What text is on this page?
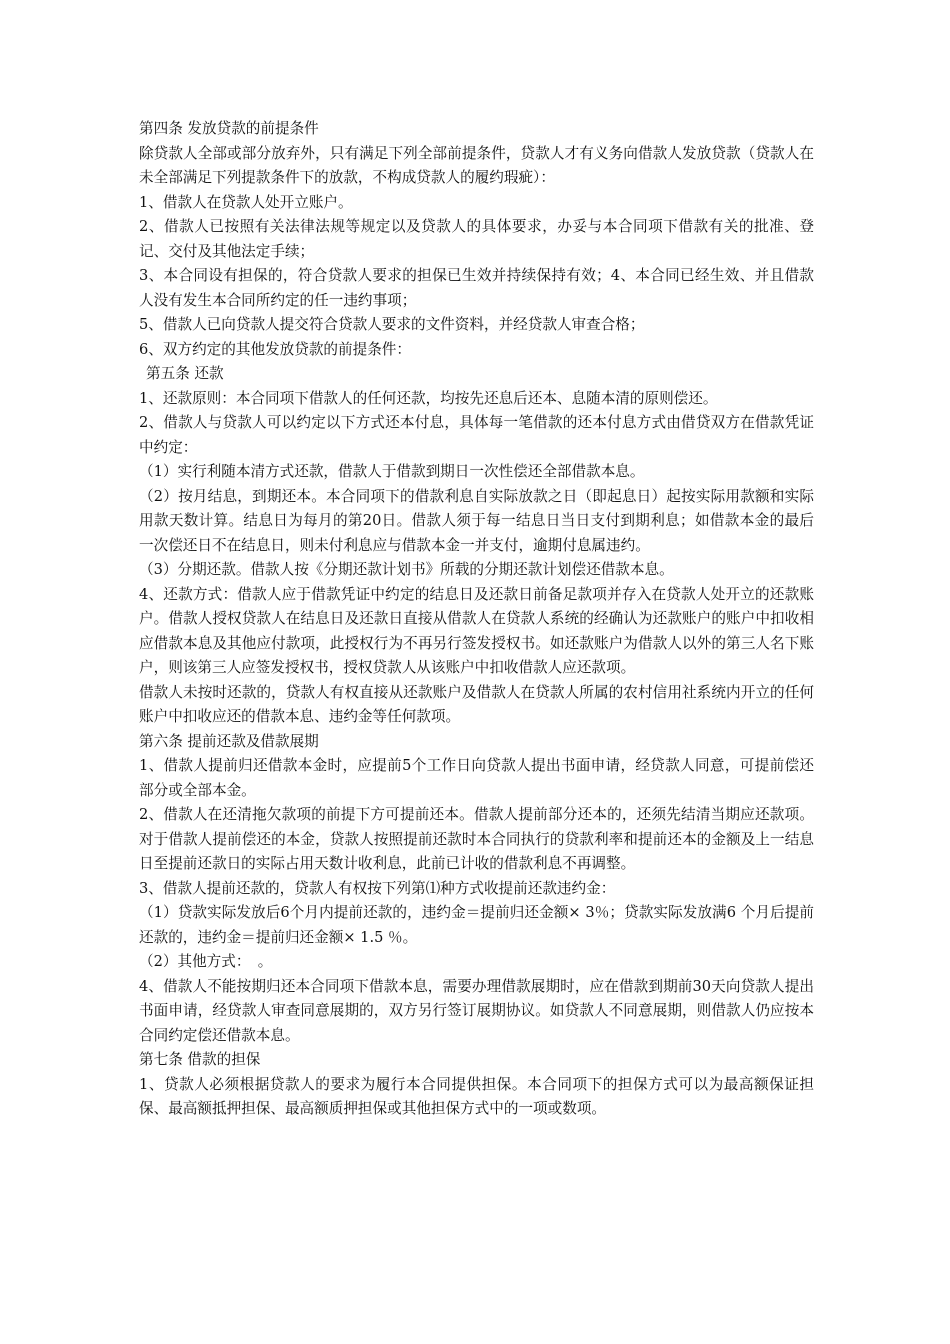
第四条 发放贷款的前提条件

除贷款人全部或部分放弃外，只有满足下列全部前提条件，贷款人才有义务向借款人发放贷款（贷款人在未全部满足下列提款条件下的放款，不构成贷款人的履约瑕疵）：

1、借款人在贷款人处开立账户。

2、借款人已按照有关法律法规等规定以及贷款人的具体要求，办妥与本合同项下借款有关的批准、登记、交付及其他法定手续；

3、本合同设有担保的，符合贷款人要求的担保已生效并持续保持有效；4、本合同已经生效、并且借款人没有发生本合同所约定的任一违约事项；

5、借款人已向贷款人提交符合贷款人要求的文件资料，并经贷款人审查合格；

6、双方约定的其他发放贷款的前提条件：

第五条 还款

1、还款原则：本合同项下借款人的任何还款，均按先还息后还本、息随本清的原则偿还。

2、借款人与贷款人可以约定以下方式还本付息，具体每一笔借款的还本付息方式由借贷双方在借款凭证中约定：

（1）实行利随本清方式还款，借款人于借款到期日一次性偿还全部借款本息。

（2）按月结息，到期还本。本合同项下的借款利息自实际放款之日（即起息日）起按实际用款额和实际用款天数计算。结息日为每月的第20日。借款人须于每一结息日当日支付到期利息；如借款本金的最后一次偿还日不在结息日，则未付利息应与借款本金一并支付，逾期付息属违约。

（3）分期还款。借款人按《分期还款计划书》所载的分期还款计划偿还借款本息。

4、还款方式：借款人应于借款凭证中约定的结息日及还款日前备足款项并存入在贷款人处开立的还款账户。借款人授权贷款人在结息日及还款日直接从借款人在贷款人系统的经确认为还款账户的账户中扣收相应借款本息及其他应付款项，此授权行为不再另行签发授权书。如还款账户为借款人以外的第三人名下账户，则该第三人应签发授权书，授权贷款人从该账户中扣收借款人应还款项。

借款人未按时还款的，贷款人有权直接从还款账户及借款人在贷款人所属的农村信用社系统内开立的任何账户中扣收应还的借款本息、违约金等任何款项。

第六条 提前还款及借款展期

1、借款人提前归还借款本金时，应提前5个工作日向贷款人提出书面申请，经贷款人同意，可提前偿还部分或全部本金。

2、借款人在还清拖欠款项的前提下方可提前还本。借款人提前部分还本的，还须先结清当期应还款项。对于借款人提前偿还的本金，贷款人按照提前还款时本合同执行的贷款利率和提前还本的金额及上一结息日至提前还款日的实际占用天数计收利息，此前已计收的借款利息不再调整。

3、借款人提前还款的，贷款人有权按下列第⑴种方式收提前还款违约金：

（1）贷款实际发放后6个月内提前还款的，违约金＝提前归还金额× 3％；贷款实际发放满6 个月后提前还款的，违约金＝提前归还金额× 1.5 ％。

（2）其他方式：　。

4、借款人不能按期归还本合同项下借款本息，需要办理借款展期时，应在借款到期前30天向贷款人提出书面申请，经贷款人审查同意展期的，双方另行签订展期协议。如贷款人不同意展期，则借款人仍应按本合同约定偿还借款本息。

第七条 借款的担保

1、贷款人必须根据贷款人的要求为履行本合同提供担保。本合同项下的担保方式可以为最高额保证担保、最高额抵押担保、最高额质押担保或其他担保方式中的一项或数项。
